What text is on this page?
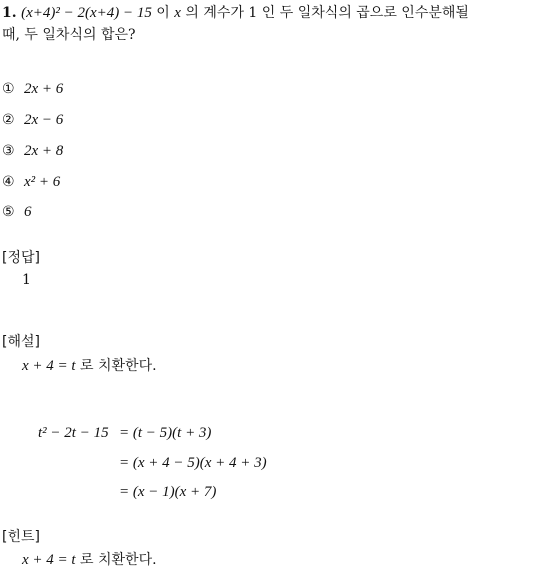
1. (x+4)² − 2(x+4) − 15 이 x 의 계수가 1 인 두 일차식의 곱으로 인수분해될
때, 두 일차식의 합은?
① 2x + 6
② 2x − 6
③ 2x + 8
④ x² + 6
⑤ 6
[정답]
1
[해설]
x + 4 = t 로 치환한다.
t² − 2t − 15 = (t − 5)(t + 3)
= (x + 4 − 5)(x + 4 + 3)
= (x − 1)(x + 7)
[힌트]
x + 4 = t 로 치환한다.
